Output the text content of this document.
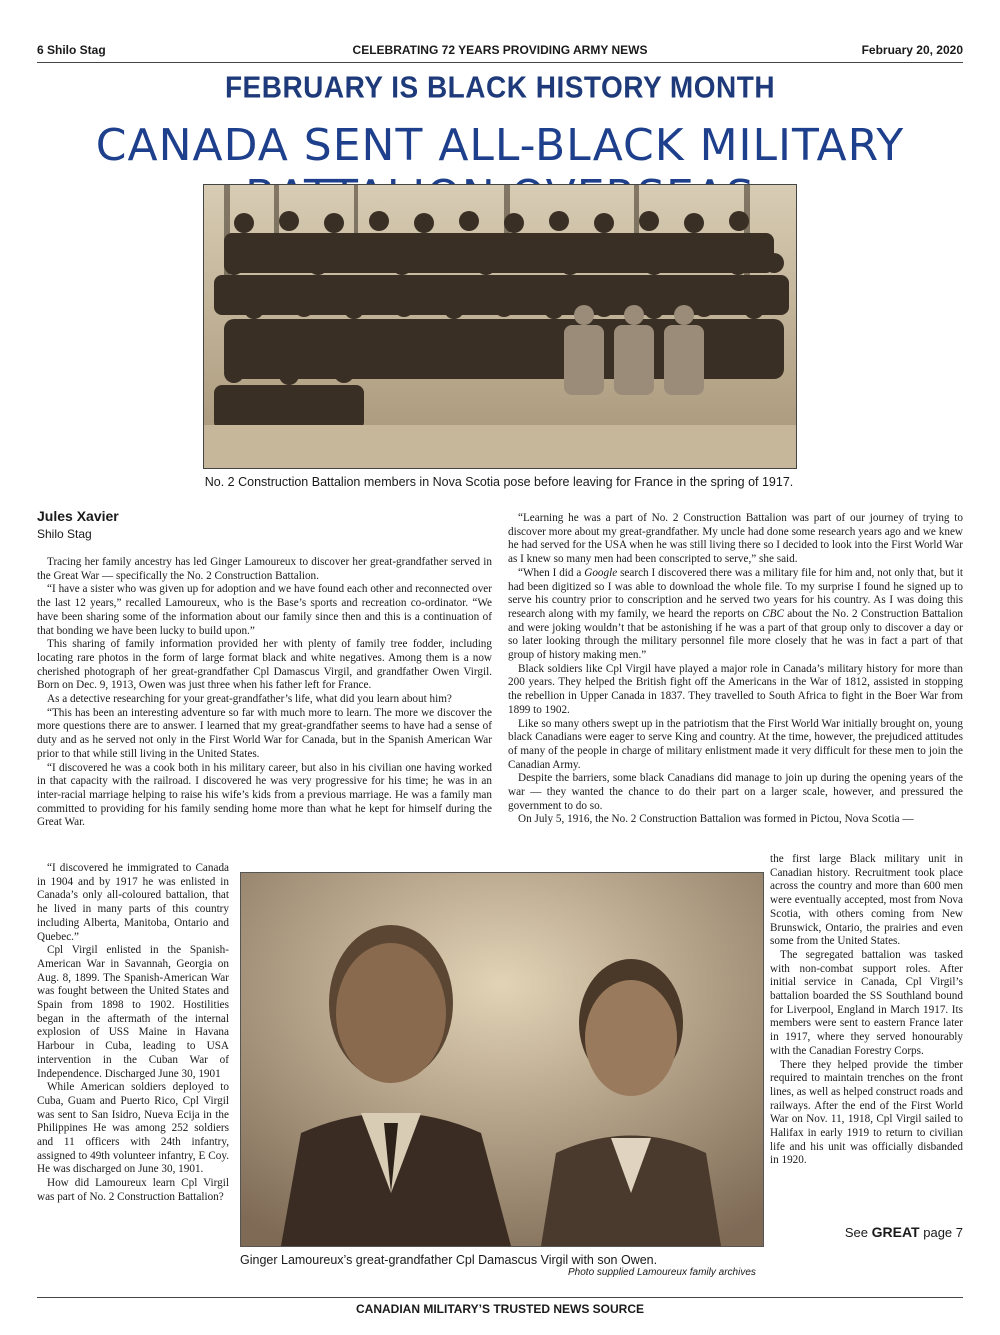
6 Shilo Stag	CELEBRATING 72 YEARS PROVIDING ARMY NEWS	February 20, 2020
FEBRUARY IS BLACK HISTORY MONTH
CANADA SENT ALL-BLACK MILITARY
No. 2 Construction Battalion members in Nova Scotia pose before leaving for France in the spring of 1917.
Jules Xavier
Shilo Stag

Tracing her family ancestry has led Ginger Lamoureux to discover her great-grandfather served in the Great War — specifically the No. 2 Construction Battalion.

“I have a sister who was given up for adoption and we have found each other and reconnected over the last 12 years,” recalled Lamoureux, who is the Base’s sports and recreation co-ordinator. “We have been sharing some of the information about our family since then and this is a continuation of that bonding we have been lucky to build upon.”

This sharing of family information provided her with plenty of family tree fodder, including locating rare photos in the form of large format black and white negatives. Among them is a now cherished photograph of her great-grandfather Cpl Damascus Virgil, and grandfather Owen Virgil. Born on Dec. 9, 1913, Owen was just three when his father left for France.

As a detective researching for your great-grandfather’s life, what did you learn about him?

“This has been an interesting adventure so far with much more to learn. The more we discover the more questions there are to answer. I learned that my great-grandfather seems to have had a sense of duty and as he served not only in the First World War for Canada, but in the Spanish American War prior to that while still living in the United States.

“I discovered he was a cook both in his military career, but also in his civilian one having worked in that capacity with the railroad. I discovered he was very progressive for his time; he was in an inter-racial marriage helping to raise his wife’s kids from a previous marriage. He was a family man committed to providing for his family sending home more than what he kept for himself during the Great War.

“I discovered he immigrated to Canada in 1904 and by 1917 he was enlisted in Canada’s only all-coloured battalion, that he lived in many parts of this country including Alberta, Manitoba, Ontario and Quebec.”

Cpl Virgil enlisted in the Spanish-American War in Savannah, Georgia on Aug. 8, 1899. The Spanish-American War was fought between the United States and Spain from 1898 to 1902. Hostilities began in the aftermath of the internal explosion of USS Maine in Havana Harbour in Cuba, leading to USA intervention in the Cuban War of Independence. Discharged June 30, 1901

While American soldiers deployed to Cuba, Guam and Puerto Rico, Cpl Virgil was sent to San Isidro, Nueva Ecija in the Philippines He was among 252 soldiers and 11 officers with 24th infantry, assigned to 49th volunteer infantry, E Coy. He was discharged on June 30, 1901.

How did Lamoureux learn Cpl Virgil was part of No. 2 Construction Battalion?

“Learning he was a part of No. 2 Construction Battalion was part of our journey of trying to discover more about my great-grandfather. My uncle had done some research years ago and we knew he had served for the USA when he was still living there so I decided to look into the First World War as I knew so many men had been conscripted to serve,” she said.

“When I did a Google search I discovered there was a military file for him and, not only that, but it had been digitized so I was able to download the whole file. To my surprise I found he signed up to serve his country prior to conscription and he served two years for his country. As I was doing this research along with my family, we heard the reports on CBC about the No. 2 Construction Battalion and were joking wouldn’t that be astonishing if he was a part of that group only to discover a day or so later looking through the military personnel file more closely that he was in fact a part of that group of history making men.”

Black soldiers like Cpl Virgil have played a major role in Canada’s military history for more than 200 years. They helped the British fight off the Americans in the War of 1812, assisted in stopping the rebellion in Upper Canada in 1837. They travelled to South Africa to fight in the Boer War from 1899 to 1902.

Like so many others swept up in the patriotism that the First World War initially brought on, young black Canadians were eager to serve King and country. At the time, however, the prejudiced attitudes of many of the people in charge of military enlistment made it very difficult for these men to join the Canadian Army.

Despite the barriers, some black Canadians did manage to join up during the opening years of the war — they wanted the chance to do their part on a larger scale, however, and pressured the government to do so.

On July 5, 1916, the No. 2 Construction Battalion was formed in Pictou, Nova Scotia —

the first large Black military unit in Canadian history. Recruitment took place across the country and more than 600 men were eventually accepted, most from Nova Scotia, with others coming from New Brunswick, Ontario, the prairies and even some from the United States.

The segregated battalion was tasked with non-combat support roles. After initial service in Canada, Cpl Virgil’s battalion boarded the SS Southland bound for Liverpool, England in March 1917. Its members were sent to eastern France later in 1917, where they served honourably with the Canadian Forestry Corps.

There they helped provide the timber required to maintain trenches on the front lines, as well as helped construct roads and railways. After the end of the First World War on Nov. 11, 1918, Cpl Virgil sailed to Halifax in early 1919 to return to civilian life and his unit was officially disbanded in 1920.

Ginger Lamoureux’s great-grandfather Cpl Damascus Virgil with son Owen.
Photo supplied Lamoureux family archives
See GREAT page 7
CANADIAN MILITARY’S TRUSTED NEWS SOURCE
